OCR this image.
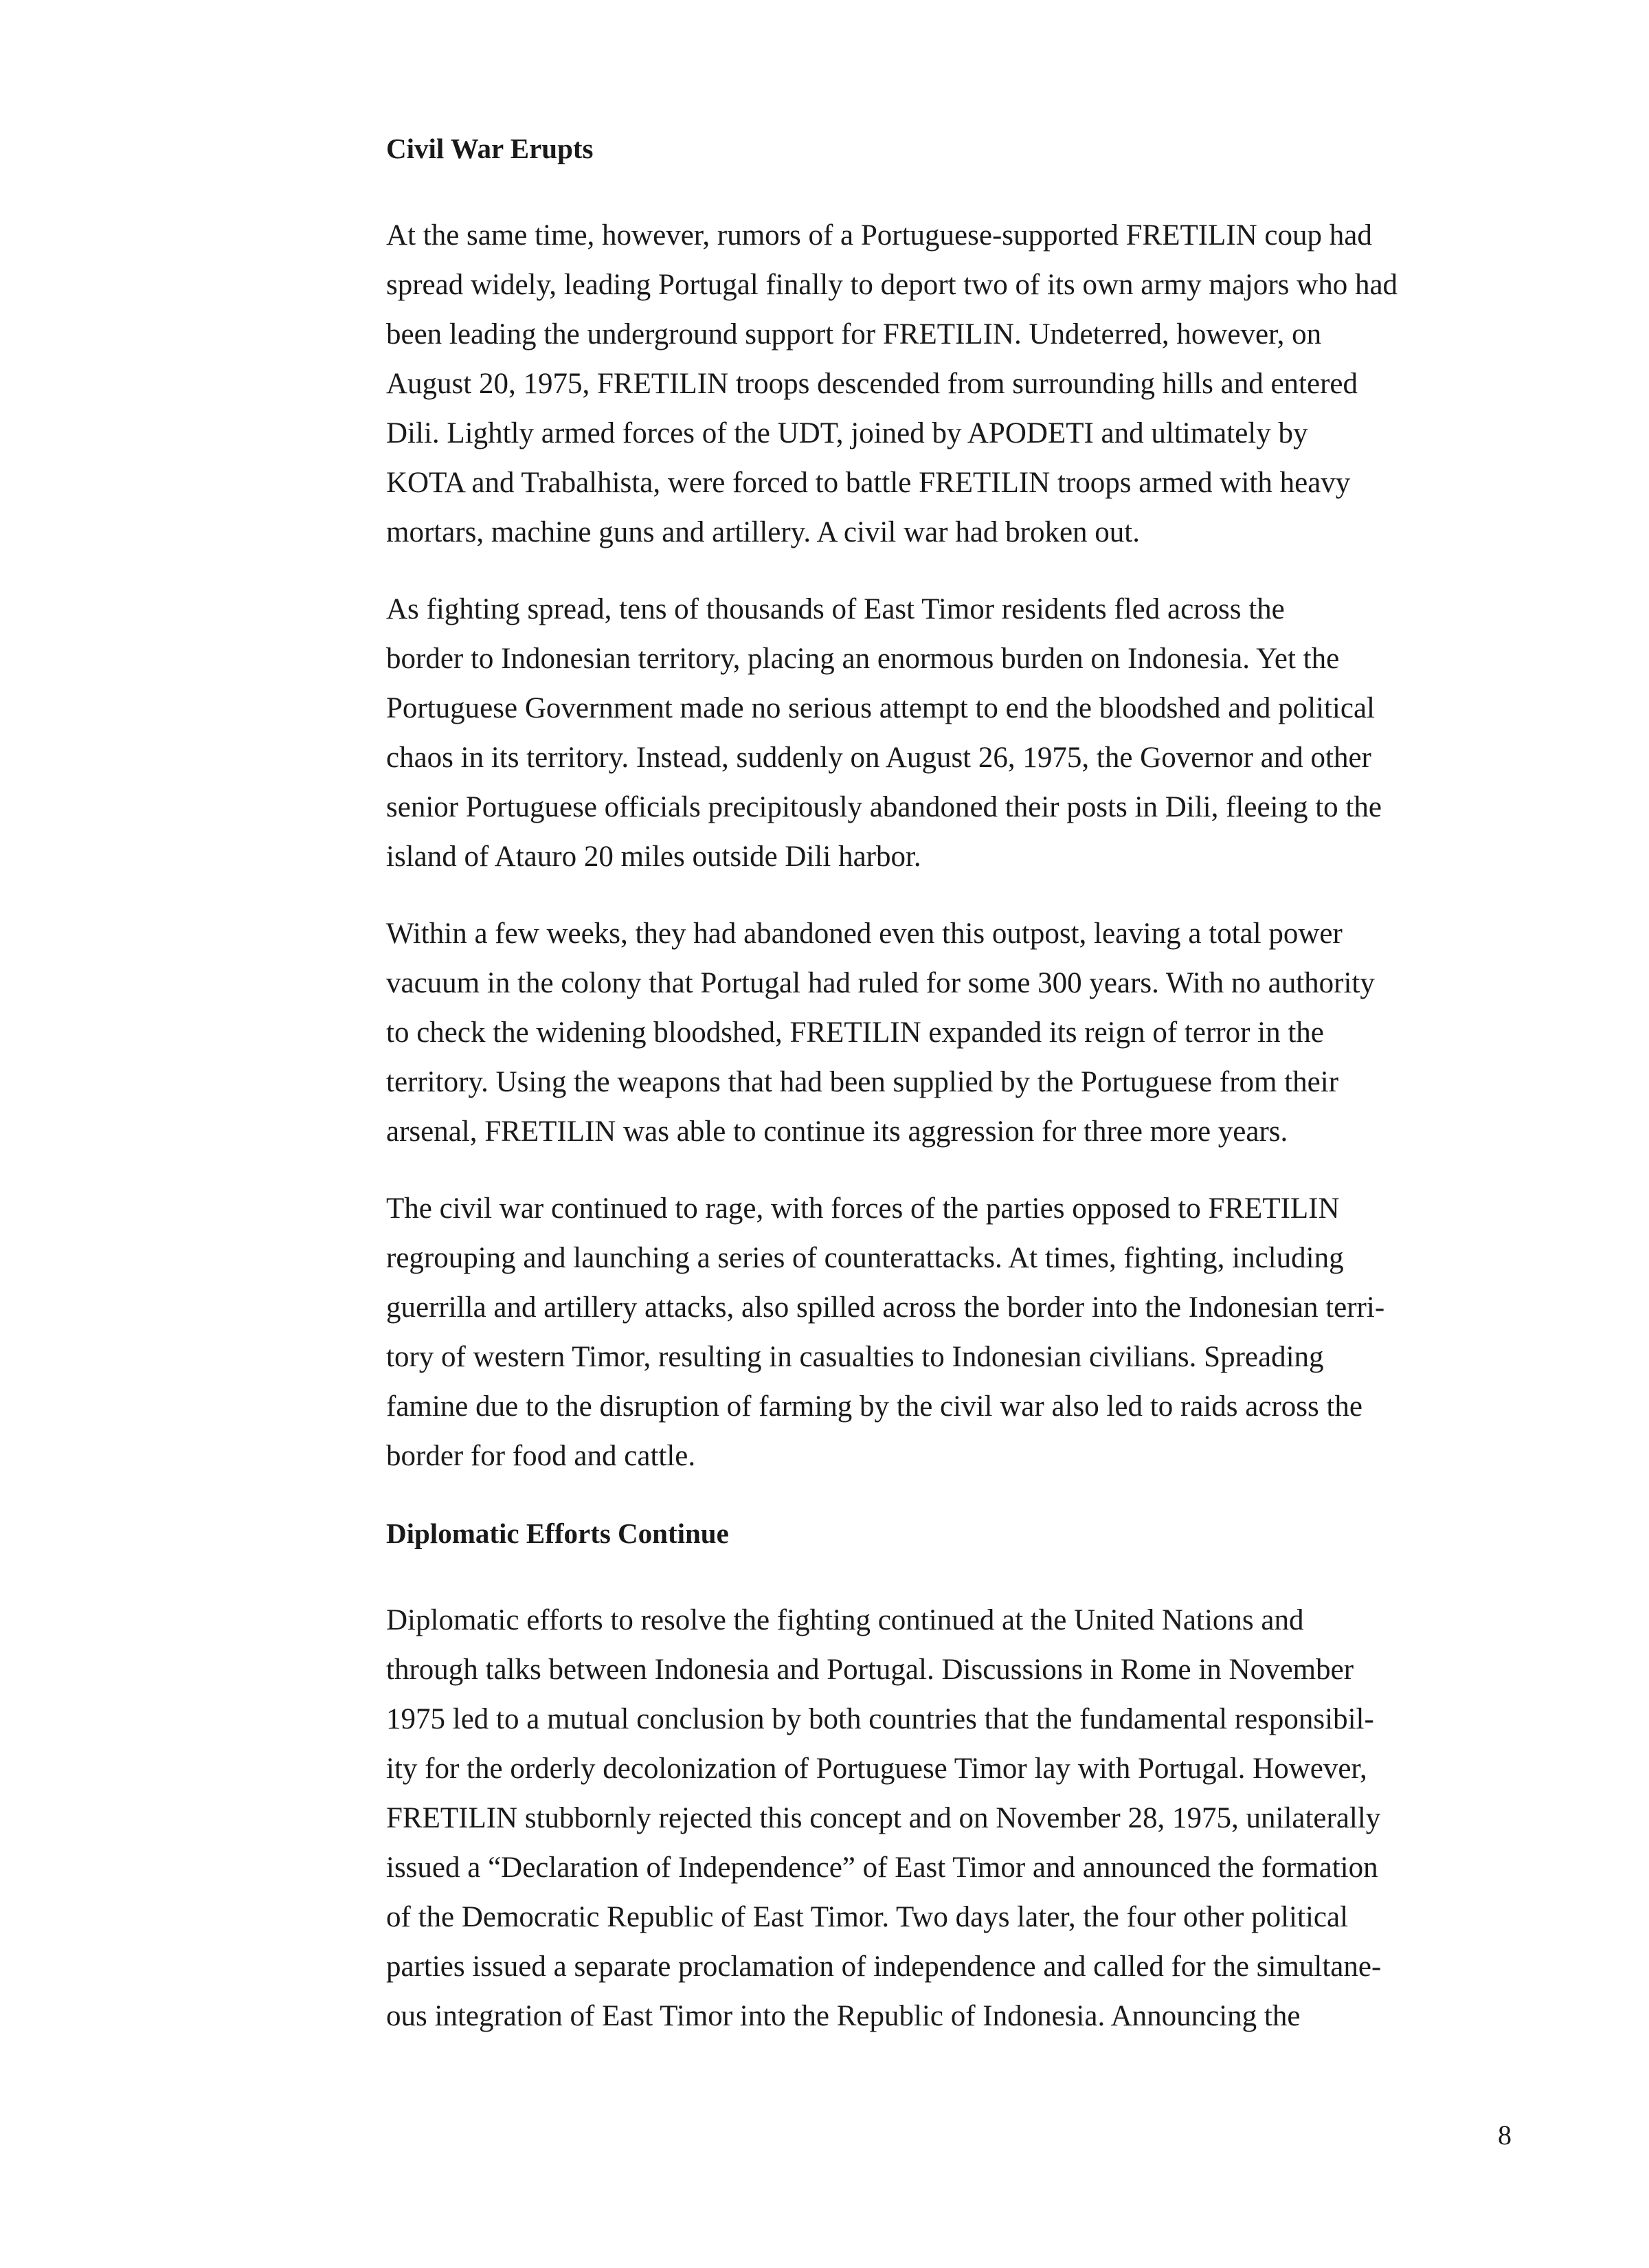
Civil War Erupts

At the same time, however, rumors of a Portuguese-supported FRETILIN coup had
spread widely, leading Portugal finally to deport two of its own army majors who had
been leading the underground support for FRETILIN. Undeterred, however, on
August 20, 1975, FRETILIN troops descended from surrounding hills and entered
Dili. Lightly armed forces of the UDT, joined by APODETI and ultimately by
KOTA and Trabalhista, were forced to battle FRETILIN troops armed with heavy
mortars, machine guns and artillery. A civil war had broken out.

As fighting spread, tens of thousands of East Timor residents fled across the
border to Indonesian territory, placing an enormous burden on Indonesia. Yet the
Portuguese Government made no serious attempt to end the bloodshed and political
chaos in its territory. Instead, suddenly on August 26, 1975, the Governor and other
senior Portuguese officials precipitously abandoned their posts in Dili, fleeing to the
island of Atauro 20 miles outside Dili harbor.

Within a few weeks, they had abandoned even this outpost, leaving a total power
vacuum in the colony that Portugal had ruled for some 300 years. With no authority
to check the widening bloodshed, FRETILIN expanded its reign of terror in the
territory. Using the weapons that had been supplied by the Portuguese from their
arsenal, FRETILIN was able to continue its aggression for three more years.

The civil war continued to rage, with forces of the parties opposed to FRETILIN
regrouping and launching a series of counterattacks. At times, fighting, including
guerrilla and artillery attacks, also spilled across the border into the Indonesian terri-
tory of western Timor, resulting in casualties to Indonesian civilians. Spreading
famine due to the disruption of farming by the civil war also led to raids across the
border for food and cattle.

Diplomatic Efforts Continue

Diplomatic efforts to resolve the fighting continued at the United Nations and
through talks between Indonesia and Portugal. Discussions in Rome in November
1975 led to a mutual conclusion by both countries that the fundamental responsibil-
ity for the orderly decolonization of Portuguese Timor lay with Portugal. However,
FRETILIN stubbornly rejected this concept and on November 28, 1975, unilaterally
issued a “Declaration of Independence” of East Timor and announced the formation
of the Democratic Republic of East Timor. Two days later, the four other political
parties issued a separate proclamation of independence and called for the simultane-
ous integration of East Timor into the Republic of Indonesia. Announcing the

8
